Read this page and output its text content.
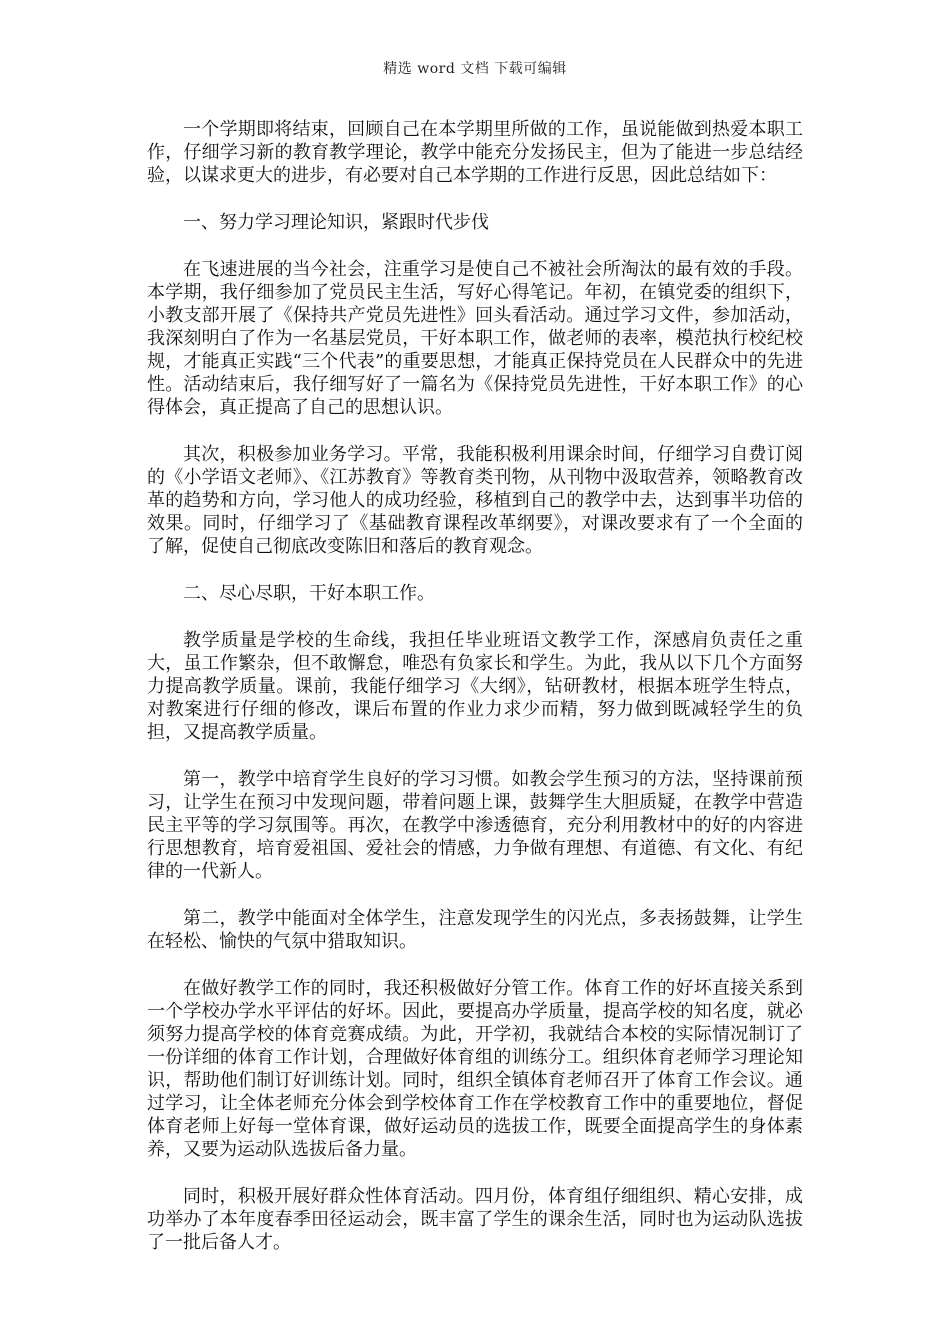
精选 word 文档 下载可编辑

一个学期即将结束，回顾自己在本学期里所做的工作，虽说能做到热爱本职工作，仔细学习新的教育教学理论，教学中能充分发扬民主，但为了能进一步总结经验，以谋求更大的进步，有必要对自己本学期的工作进行反思，因此总结如下：

一、努力学习理论知识，紧跟时代步伐

在飞速进展的当今社会，注重学习是使自己不被社会所淘汰的最有效的手段。本学期，我仔细参加了党员民主生活，写好心得笔记。年初，在镇党委的组织下，小教支部开展了《保持共产党员先进性》回头看活动。通过学习文件，参加活动，我深刻明白了作为一名基层党员，干好本职工作，做老师的表率，模范执行校纪校规，才能真正实践“三个代表”的重要思想，才能真正保持党员在人民群众中的先进性。活动结束后，我仔细写好了一篇名为《保持党员先进性，干好本职工作》的心得体会，真正提高了自己的思想认识。

其次，积极参加业务学习。平常，我能积极利用课余时间，仔细学习自费订阅的《小学语文老师》、《江苏教育》等教育类刊物，从刊物中汲取营养，领略教育改革的趋势和方向，学习他人的成功经验，移植到自己的教学中去，达到事半功倍的效果。同时，仔细学习了《基础教育课程改革纲要》，对课改要求有了一个全面的了解，促使自己彻底改变陈旧和落后的教育观念。

二、尽心尽职，干好本职工作。

教学质量是学校的生命线，我担任毕业班语文教学工作，深感肩负责任之重大，虽工作繁杂，但不敢懈怠，唯恐有负家长和学生。为此，我从以下几个方面努力提高教学质量。课前，我能仔细学习《大纲》，钻研教材，根据本班学生特点，对教案进行仔细的修改，课后布置的作业力求少而精，努力做到既减轻学生的负担，又提高教学质量。

第一，教学中培育学生良好的学习习惯。如教会学生预习的方法，坚持课前预习，让学生在预习中发现问题，带着问题上课，鼓舞学生大胆质疑，在教学中营造民主平等的学习氛围等。再次，在教学中渗透德育，充分利用教材中的好的内容进行思想教育，培育爱祖国、爱社会的情感，力争做有理想、有道德、有文化、有纪律的一代新人。

第二，教学中能面对全体学生，注意发现学生的闪光点，多表扬鼓舞，让学生在轻松、愉快的气氛中猎取知识。

在做好教学工作的同时，我还积极做好分管工作。体育工作的好坏直接关系到一个学校办学水平评估的好坏。因此，要提高办学质量，提高学校的知名度，就必须努力提高学校的体育竞赛成绩。为此，开学初，我就结合本校的实际情况制订了一份详细的体育工作计划，合理做好体育组的训练分工。组织体育老师学习理论知识，帮助他们制订好训练计划。同时，组织全镇体育老师召开了体育工作会议。通过学习，让全体老师充分体会到学校体育工作在学校教育工作中的重要地位，督促体育老师上好每一堂体育课，做好运动员的选拔工作，既要全面提高学生的身体素养，又要为运动队选拔后备力量。

同时，积极开展好群众性体育活动。四月份，体育组仔细组织、精心安排，成功举办了本年度春季田径运动会，既丰富了学生的课余生活，同时也为运动队选拔了一批后备人才。
